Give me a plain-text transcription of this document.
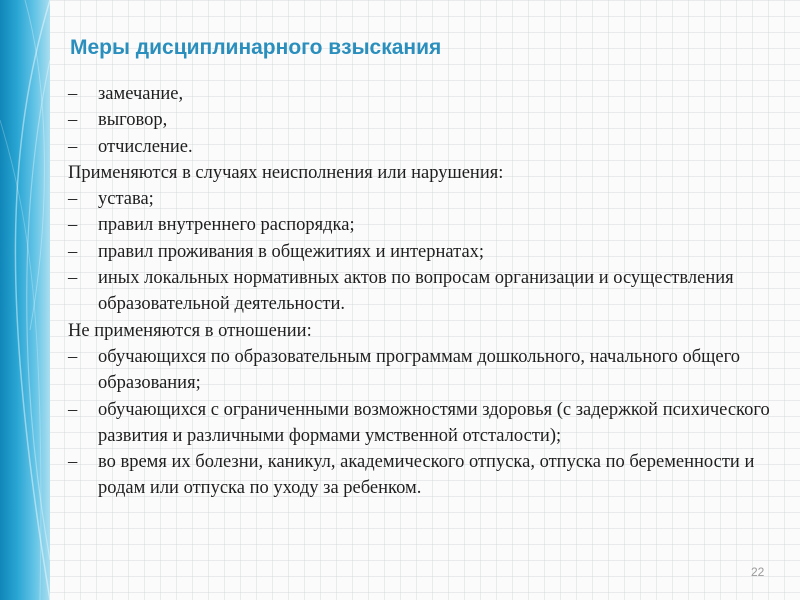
Меры дисциплинарного взыскания
–	замечание,
–	выговор,
–	отчисление.
Применяются в случаях неисполнения или нарушения:
–	устава;
–	правил внутреннего распорядка;
–	правил проживания в общежитиях и интернатах;
–	иных локальных нормативных актов по вопросам организации и осуществления образовательной деятельности.
Не применяются в отношении:
–	обучающихся по образовательным программам дошкольного, начального общего образования;
–	обучающихся с ограниченными возможностями здоровья (с задержкой психического развития и различными формами умственной отсталости);
–	во время их болезни, каникул, академического отпуска, отпуска по беременности и родам или отпуска по уходу за ребенком.
22
